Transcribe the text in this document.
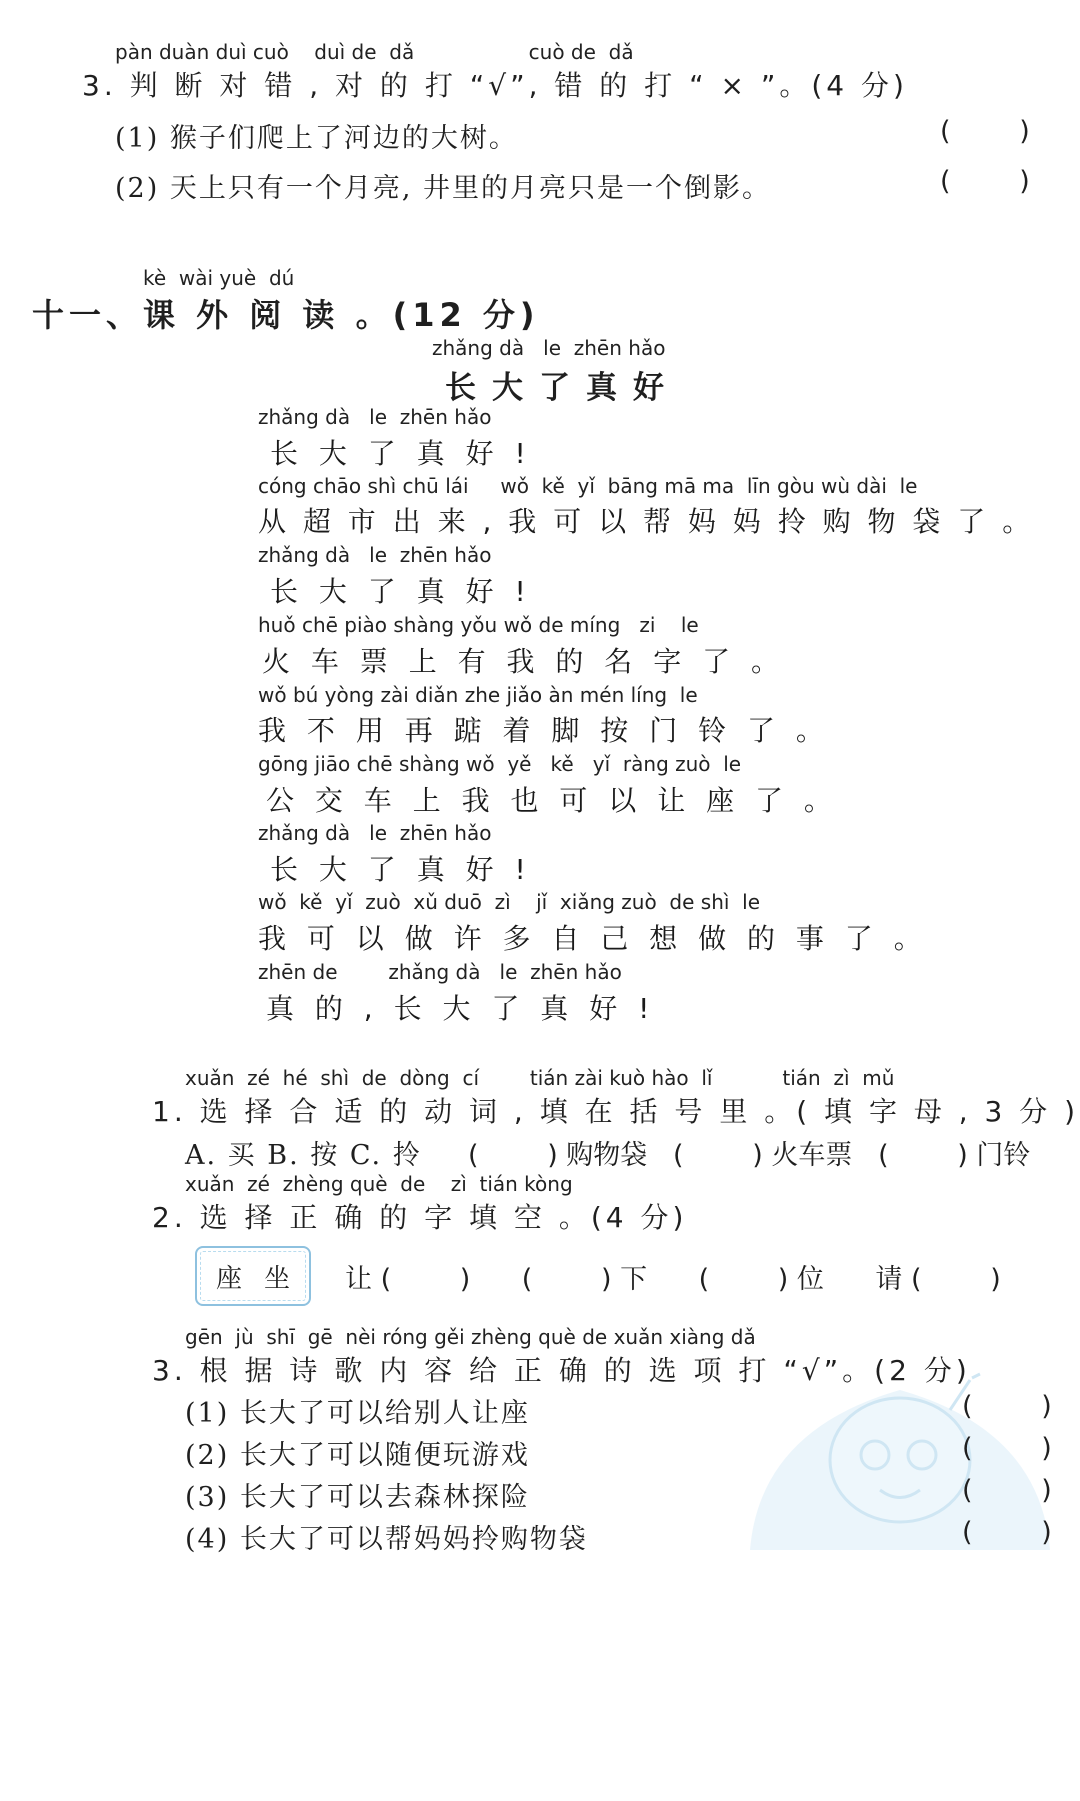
pàn duàn duì cuò    duì de  dǎ                  cuò de  dǎ
3. 判 断 对 错 , 对 的 打 “√”, 错 的 打 “ × ”。(4 分)
(1) 猴子们爬上了河边的大树。	(        )
(2) 天上只有一个月亮, 井里的月亮只是一个倒影。	(        )
kè  wài yuè  dú
十一、课 外 阅 读 。(12 分)
zhǎng dà   le  zhēn hǎo
长大了真好
zhǎng dà   le  zhēn hǎo
长 大 了 真 好 !
cóng chāo shì chū lái     wǒ  kě  yǐ  bāng mā ma  līn gòu wù dài  le
从 超 市 出 来 , 我 可 以 帮 妈 妈 拎 购 物 袋 了 。
zhǎng dà   le  zhēn hǎo
长 大 了 真 好 !
huǒ chē piào shàng yǒu wǒ de míng   zi    le
火 车 票 上 有 我 的 名 字 了 。
wǒ bú yòng zài diǎn zhe jiǎo àn mén líng  le
我 不 用 再 踮 着 脚 按 门 铃 了 。
gōng jiāo chē shàng wǒ  yě   kě   yǐ  ràng zuò  le
公 交 车 上 我 也 可 以 让 座 了 。
zhǎng dà   le  zhēn hǎo
长 大 了 真 好 !
wǒ  kě  yǐ  zuò  xǔ duō  zì    jǐ  xiǎng zuò  de shì  le
我 可 以 做 许 多 自 己 想 做 的 事 了 。
zhēn de        zhǎng dà   le  zhēn hǎo
真 的 , 长 大 了 真 好 !
xuǎn  zé  hé  shì  de  dòng  cí        tián zài kuò hào  lǐ           tián  zì  mǔ
1. 选 择 合 适 的 动 词 , 填 在 括 号 里 。( 填 字 母 , 3 分 )
A. 买 B. 按 C. 拎 (        ) 购物袋   (        ) 火车票   (        ) 门铃
xuǎn  zé  zhèng què  de    zì  tián kòng
2. 选 择 正 确 的 字 填 空 。(4 分)
座 坐 让 (        )      (        ) 下      (        ) 位      请 (        )
gēn  jù  shī  gē  nèi róng gěi zhèng què de xuǎn xiàng dǎ
3. 根 据 诗 歌 内 容 给 正 确 的 选 项 打 “√”。(2 分)
(1) 长大了可以给别人让座	(        )
(2) 长大了可以随便玩游戏	(        )
(3) 长大了可以去森林探险	(        )
(4) 长大了可以帮妈妈拎购物袋	(        )
